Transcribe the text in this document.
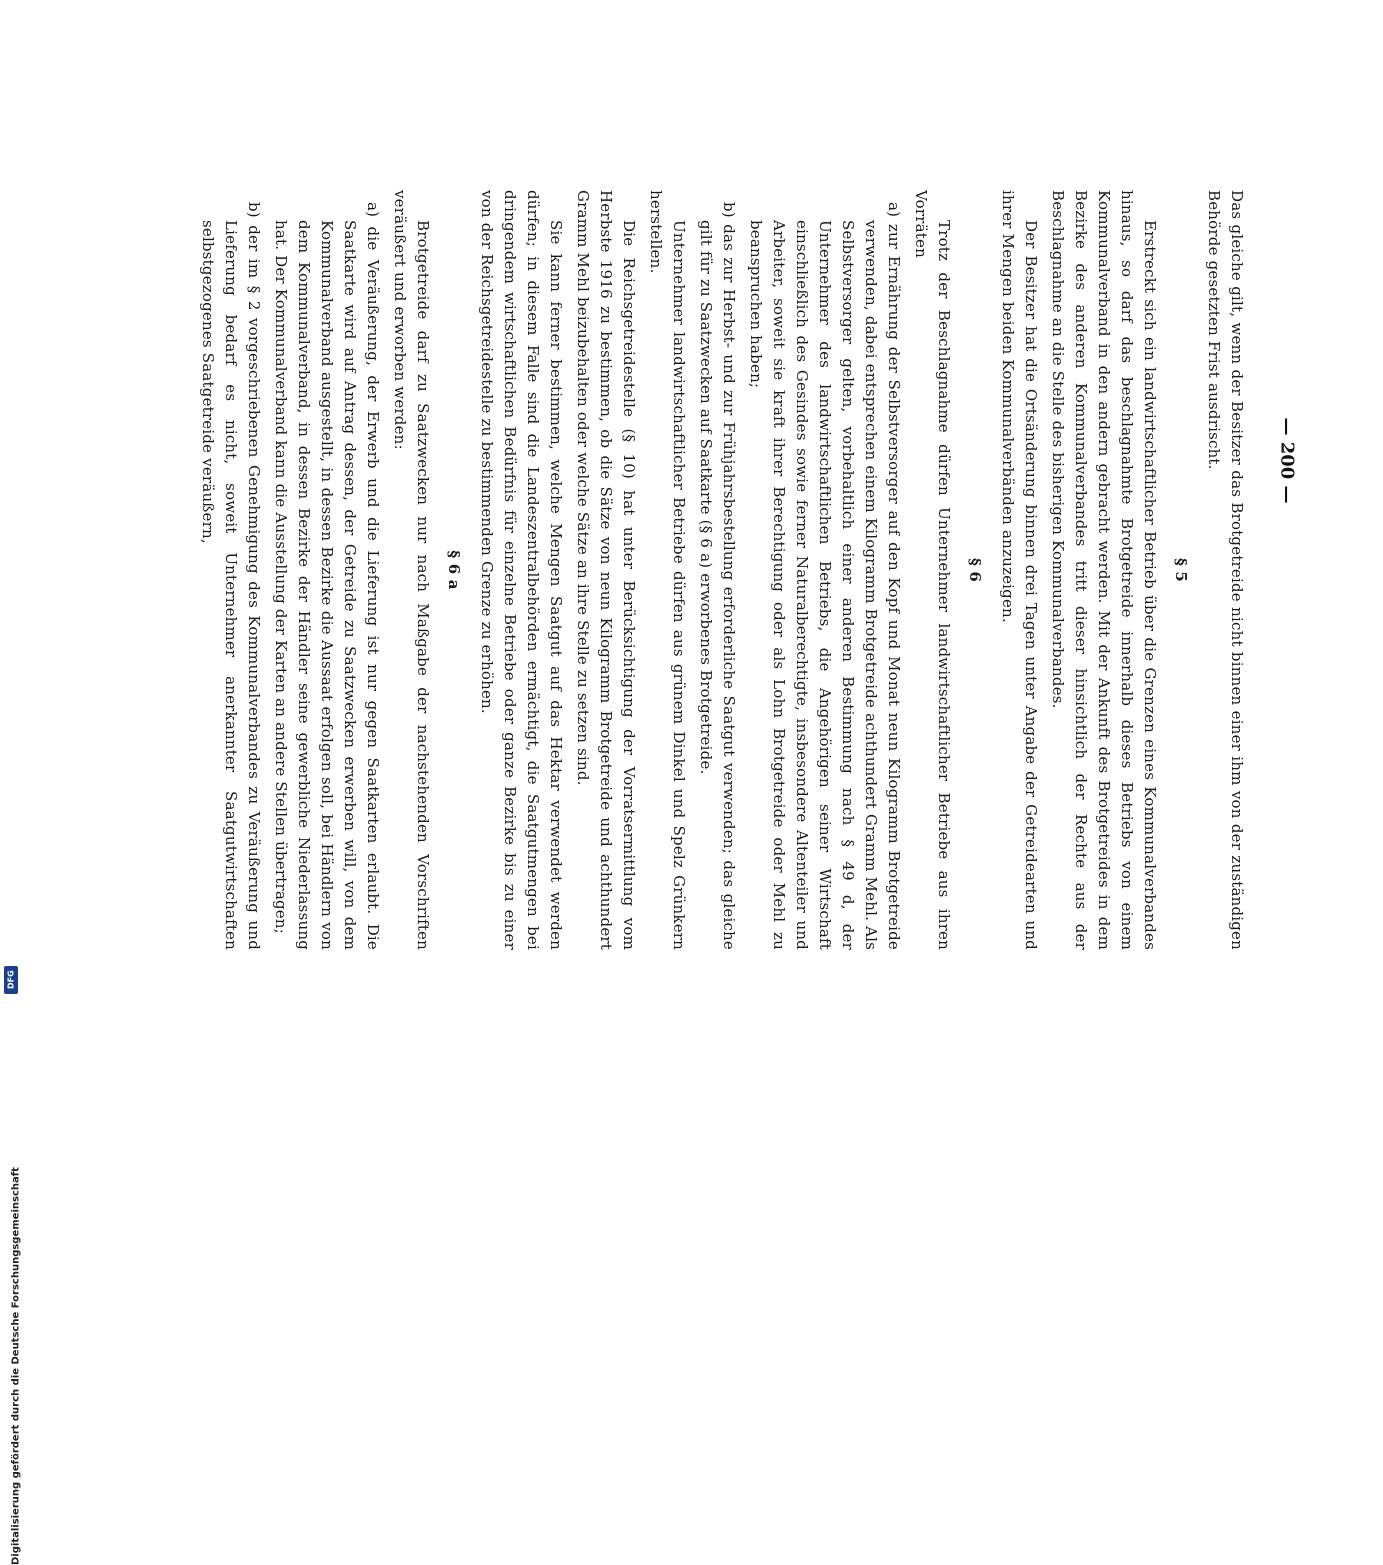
— 200 —

Das gleiche gilt, wenn der Besitzer das Brotgetreide nicht binnen einer ihm von der zuständigen Behörde gesetzten Frist ausdrischt.

§ 5

Erstreckt sich ein landwirtschaftlicher Betrieb über die Grenzen eines Kommunalverbandes hinaus, so darf das beschlagnahmte Brotgetreide innerhalb dieses Betriebs von einem Kommunalverband in den andern gebracht werden. Mit der Ankunft des Brotgetreides in dem Bezirke des anderen Kommunalverbandes tritt dieser hinsichtlich der Rechte aus der Beschlagnahme an die Stelle des bisherigen Kommunalverbandes.

Der Besitzer hat die Ortsänderung binnen drei Tagen unter Angabe der Getreidearten und ihrer Mengen beiden Kommunalverbänden anzuzeigen.

§ 6

Trotz der Beschlagnahme dürfen Unternehmer landwirtschaftlicher Betriebe aus ihren Vorräten

a) zur Ernährung der Selbstversorger auf den Kopf und Monat neun Kilogramm Brotgetreide verwenden, dabei entsprechen einem Kilogramm Brotgetreide achthundert Gramm Mehl. Als Selbstversorger gelten, vorbehaltlich einer anderen Bestimmung nach § 49 d, der Unternehmer des landwirtschaftlichen Betriebs, die Angehörigen seiner Wirtschaft einschließlich des Gesindes sowie ferner Naturalberechtigte, insbesondere Altenteiler und Arbeiter, soweit sie kraft ihrer Berechtigung oder als Lohn Brotgetreide oder Mehl zu beanspruchen haben;

b) das zur Herbst- und zur Frühjahrsbestellung erforderliche Saatgut verwenden; das gleiche gilt für zu Saatzwecken auf Saatkarte (§ 6 a) erworbenes Brotgetreide.

Unternehmer landwirtschaftlicher Betriebe dürfen aus grünem Dinkel und Spelz Grünkern herstellen.

Die Reichsgetreidestelle (§ 10) hat unter Berücksichtigung der Vorratsermittlung vom Herbste 1916 zu bestimmen, ob die Sätze von neun Kilogramm Brotgetreide und achthundert Gramm Mehl beizubehalten oder welche Sätze an ihre Stelle zu setzen sind.

Sie kann ferner bestimmen, welche Mengen Saatgut auf das Hektar verwendet werden dürfen; in diesem Falle sind die Landeszentralbehörden ermächtigt, die Saatgutmengen bei dringendem wirtschaftlichen Bedürfnis für einzelne Betriebe oder ganze Bezirke bis zu einer von der Reichsgetreidestelle zu bestimmenden Grenze zu erhöhen.

§ 6 a

Brotgetreide darf zu Saatzwecken nur nach Maßgabe der nachstehenden Vorschriften veräußert und erworben werden:

a) die Veräußerung, der Erwerb und die Lieferung ist nur gegen Saatkarten erlaubt. Die Saatkarte wird auf Antrag dessen, der Getreide zu Saatzwecken erwerben will, von dem Kommunalverband ausgestellt, in dessen Bezirke die Aussaat erfolgen soll, bei Händlern von dem Kommunalverband, in dessen Bezirke der Händler seine gewerbliche Niederlassung hat. Der Kommunalverband kann die Ausstellung der Karten an andere Stellen übertragen;

b) der im § 2 vorgeschriebenen Genehmigung des Kommunalverbandes zu Veräußerung und Lieferung bedarf es nicht, soweit Unternehmer anerkannter Saatgutwirtschaften selbstgezogenes Saatgetreide veräußern,

Digitalisierung gefördert durch die Deutsche Forschungsgemeinschaft
DFG
